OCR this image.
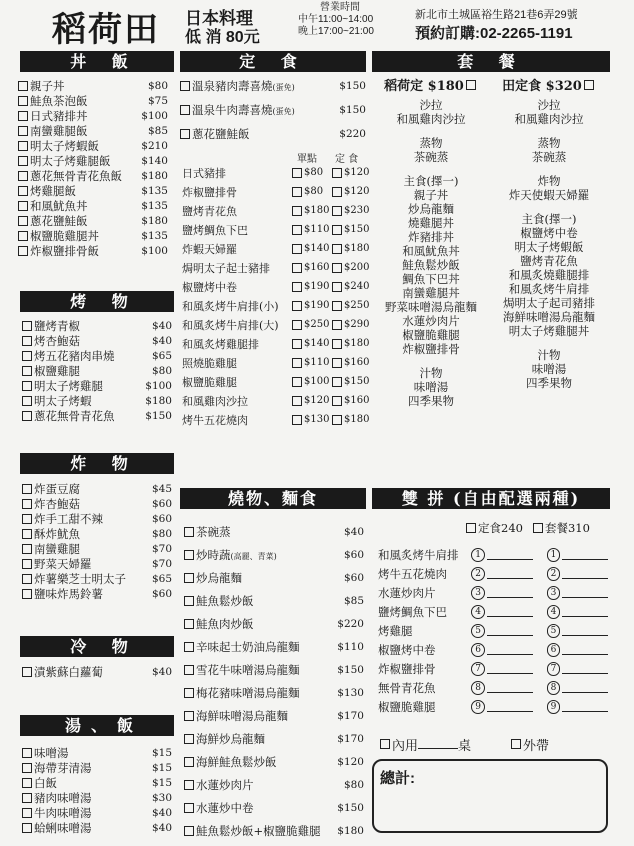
稻荷田 日本料理
低 消 80元
營業時間
中午11:00~14:00
晚上17:00~21:00
新北市土城區裕生路21巷6弄29號
預約訂購:02-2265-1191
丼 飯
烤 物
炸 物
冷 物
湯、飯
定 食
燒物、麵食
套 餐
雙 拼 (自由配選兩種)
親子丼	$80
鮭魚茶泡飯	$75
日式豬排丼	$100
南蠻雞腿飯	$85
明太子烤蝦飯	$210
明太子烤雞腿飯	$140
蔥花無骨青花魚飯	$180
烤雞腿飯	$135
和風魷魚丼	$135
蔥花鹽鮭飯	$180
椒鹽脆雞腿丼	$135
炸椒鹽排骨飯	$100
鹽烤青椒	$40
烤杏鮑菇	$40
烤五花豬肉串燒	$65
椒鹽雞腿	$80
明太子烤雞腿	$100
明太子烤蝦	$180
蔥花無骨青花魚	$150
炸蛋豆腐	$45
炸杏鮑菇	$60
炸手工甜不辣	$60
酥炸魷魚	$80
南蠻雞腿	$70
野菜天婦羅	$70
炸薯樂芝士明太子	$65
鹽味炸馬鈴薯	$60
漬紫蘇白蘿蔔	$40
味噌湯	$15
海帶芽清湯	$15
白飯	$15
豬肉味噌湯	$30
牛肉味噌湯	$40
蛤蜊味噌湯	$40
溫泉豬肉壽喜燒(蛋免)	$150
溫泉牛肉壽喜燒(蛋免)	$150
蔥花鹽鮭飯	$220
單點 定 食
日式豬排	$80 $120
炸椒鹽排骨	$80 $120
鹽烤青花魚	$180 $230
鹽烤鯛魚下巴	$110 $150
炸蝦天婦羅	$140 $180
焗明太子起士豬排	$160 $200
椒鹽烤中卷	$190 $240
和風炙烤牛肩排(小)	$190 $250
和風炙烤牛肩排(大)	$250 $290
和風炙烤雞腿排	$140 $180
照燒脆雞腿	$110 $160
椒鹽脆雞腿	$100 $150
和風雞肉沙拉	$120 $160
烤牛五花燒肉	$130 $180
茶碗蒸	$40
炒時蔬(高麗、青菜)	$60
炒烏龍麵	$60
鮭魚鬆炒飯	$85
鮭魚肉炒飯	$220
辛味起士奶油烏龍麵	$110
雪花牛味噌湯烏龍麵	$150
梅花豬味噌湯烏龍麵	$130
海鮮味噌湯烏龍麵	$170
海鮮炒烏龍麵	$170
海鮮鮭魚鬆炒飯	$120
水蓮炒肉片	$80
水蓮炒中卷	$150
鮭魚鬆炒飯+椒鹽脆雞腿	$180
稻荷定 $180
沙拉
和風雞肉沙拉
蒸物
茶碗蒸
主食(擇一)
親子丼
炒烏龍麵
燒雞腿丼
炸豬排丼
和風魷魚丼
鮭魚鬆炒飯
鯛魚下巴丼
南蠻雞腿丼
野菜味噌湯烏龍麵
水蓮炒肉片
椒鹽脆雞腿
炸椒鹽排骨
汁物
味噌湯
四季果物
田定食 $320
沙拉
和風雞肉沙拉
蒸物
茶碗蒸
炸物
炸天使蝦天婦羅
主食(擇一)
椒鹽烤中卷
明太子烤蝦飯
鹽烤青花魚
和風炙燒雞腿排
和風炙烤牛肩排
焗明太子起司豬排
海鮮味噌湯烏龍麵
明太子烤雞腿丼
汁物
味噌湯
四季果物
定食240 套餐310
和風炙烤牛肩排	1	1
烤牛五花燒肉	2	2
水蓮炒肉片	3	3
鹽烤鯛魚下巴	4	4
烤雞腿	5	5
椒鹽烤中卷	6	6
炸椒鹽排骨	7	7
無骨青花魚	8	8
椒鹽脆雞腿	9	9
內用	桌	外帶
總計:
